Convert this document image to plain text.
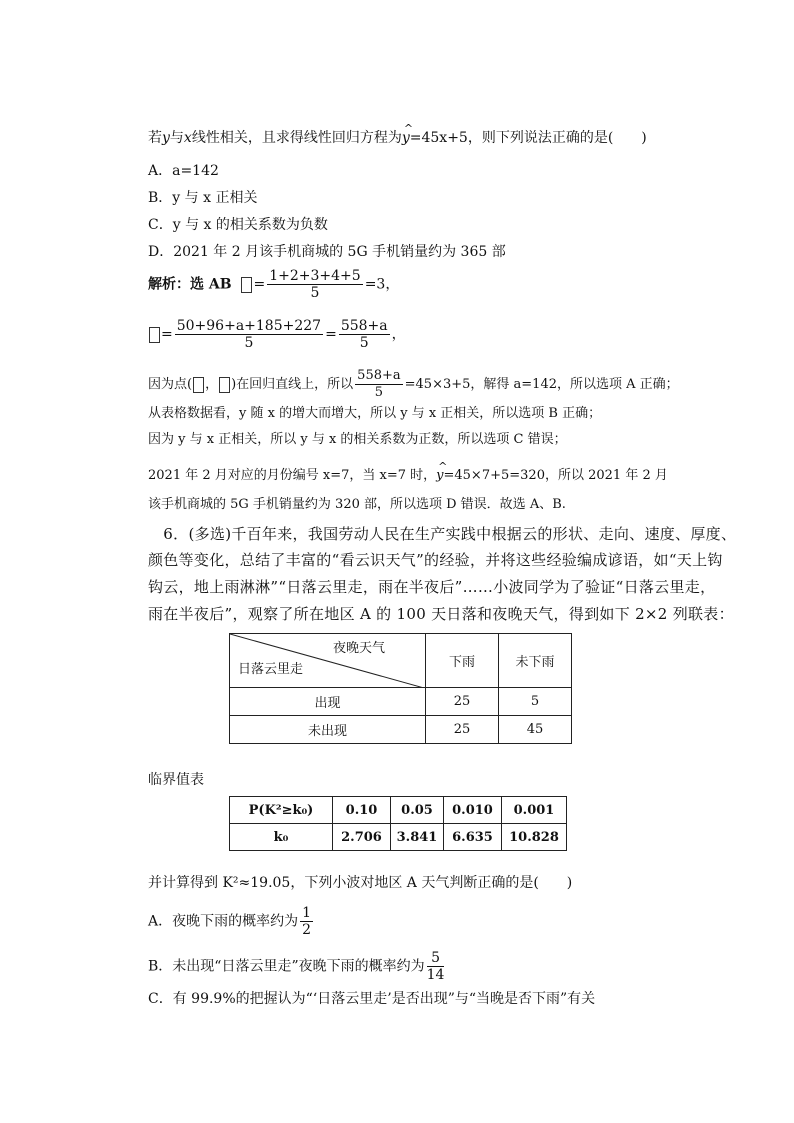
若y与x线性相关，且求得线性回归方程为^ y=45x+5，则下列说法正确的是(　　)
A．a=142
B．y 与 x 正相关
C．y 与 x 的相关系数为负数
D．2021 年 2 月该手机商城的 5G 手机销量约为 365 部
解析：选 AB = $\frac{1+2+3+4+5}{5} =3$，
= $\frac{50+96+a+185+227}{5} = \frac{558+a}{5}$ ，
因为点( ， )在回归直线上，所以 $\frac{558+a}{5} =45\times 3+5$，解得 a=142，所以选项 A 正确；
从表格数据看，y 随 x 的增大而增大，所以 y 与 x 正相关，所以选项 B 正确；
因为 y 与 x 正相关，所以 y 与 x 的相关系数为正数，所以选项 C 错误；
2021 年 2 月对应的月份编号 x=7，当 x=7 时，^ y=45×7+5=320，所以 2021 年 2 月
该手机商城的 5G 手机销量约为 320 部，所以选项 D 错误．故选 A、B.
　6．(多选)千百年来，我国劳动人民在生产实践中根据云的形状、走向、速度、厚度、
颜色等变化，总结了丰富的“看云识天气”的经验，并将这些经验编成谚语，如“天上钩
钩云，地上雨淋淋”“日落云里走，雨在半夜后”……小波同学为了验证“日落云里走，
雨在半夜后”，观察了所在地区 A 的 100 天日落和夜晚天气，得到如下 2×2 列联表：
夜晚天气
日落云里走	下雨	未下雨
出现	25	5
未出现	25	45
临界值表
P(K²≥k₀)	0.10	0.05	0.010	0.001
k₀	2.706	3.841	6.635	10.828
并计算得到 K²≈19.05，下列小波对地区 A 天气判断正确的是(　　)
A．夜晚下雨的概率约为 $\frac{1}{2}$
B．未出现“日落云里走”夜晚下雨的概率约为 $\frac{5}{14}$
C．有 99.9%的把握认为“‘日落云里走’是否出现”与“当晚是否下雨”有关
